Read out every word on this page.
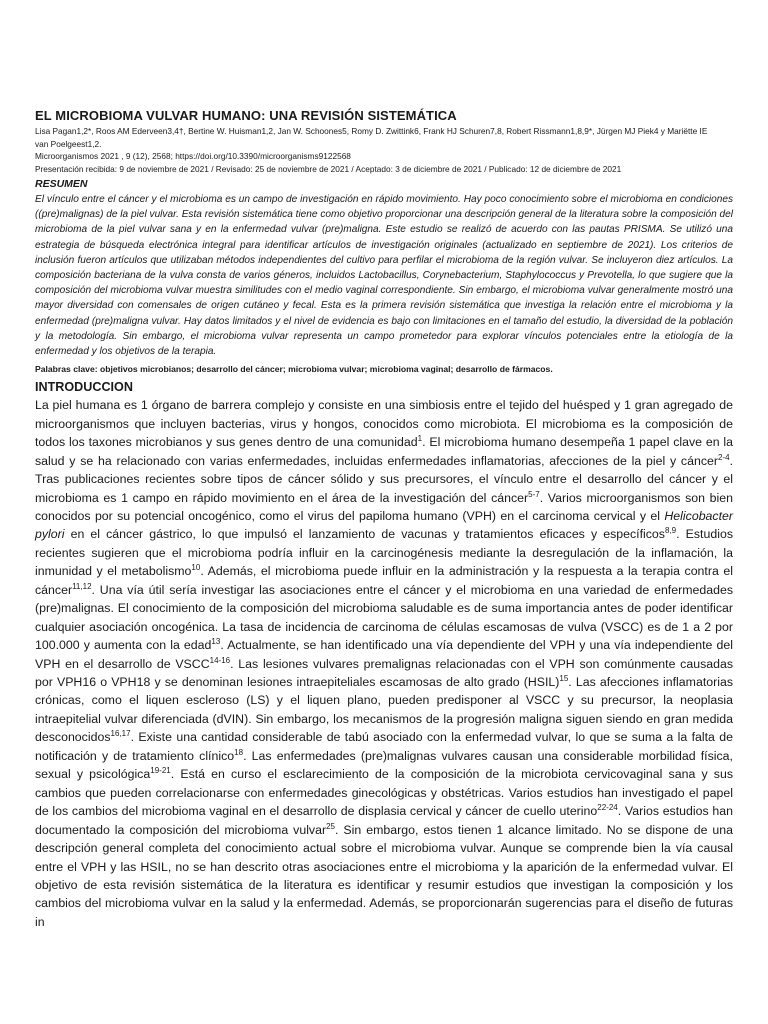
EL MICROBIOMA VULVAR HUMANO: UNA REVISIÓN SISTEMÁTICA
Lisa Pagan1,2*, Roos AM Ederveen3,4†, Bertine W. Huisman1,2, Jan W. Schoones5, Romy D. Zwittink6, Frank HJ Schuren7,8, Robert Rissmann1,8,9*, Jürgen MJ Piek4 y Mariëtte IE
van Poelgeest1,2.
Microorganismos 2021 , 9 (12), 2568; https://doi.org/10.3390/microorganisms9122568
Presentación recibida: 9 de noviembre de 2021 / Revisado: 25 de noviembre de 2021 / Aceptado: 3 de diciembre de 2021 / Publicado: 12 de diciembre de 2021
RESUMEN

El vínculo entre el cáncer y el microbioma es un campo de investigación en rápido movimiento. Hay poco conocimiento sobre el microbioma en condiciones ((pre)malignas) de la piel vulvar. Esta revisión sistemática tiene como objetivo proporcionar una descripción general de la literatura sobre la composición del microbioma de la piel vulvar sana y en la enfermedad vulvar (pre)maligna. Este estudio se realizó de acuerdo con las pautas PRISMA. Se utilizó una estrategia de búsqueda electrónica integral para identificar artículos de investigación originales (actualizado en septiembre de 2021). Los criterios de inclusión fueron artículos que utilizaban métodos independientes del cultivo para perfilar el microbioma de la región vulvar. Se incluyeron diez artículos. La composición bacteriana de la vulva consta de varios géneros, incluidos Lactobacillus, Corynebacterium, Staphylococcus y Prevotella, lo que sugiere que la composición del microbioma vulvar muestra similitudes con el medio vaginal correspondiente. Sin embargo, el microbioma vulvar generalmente mostró una mayor diversidad con comensales de origen cutáneo y fecal. Esta es la primera revisión sistemática que investiga la relación entre el microbioma y la enfermedad (pre)maligna vulvar. Hay datos limitados y el nivel de evidencia es bajo con limitaciones en el tamaño del estudio, la diversidad de la población y la metodología. Sin embargo, el microbioma vulvar representa un campo prometedor para explorar vínculos potenciales entre la etiología de la enfermedad y los objetivos de la terapia.

Palabras clave: objetivos microbianos; desarrollo del cáncer; microbioma vulvar; microbioma vaginal; desarrollo de fármacos.
INTRODUCCION

La piel humana es 1 órgano de barrera complejo y consiste en una simbiosis entre el tejido del huésped y 1 gran agregado de microorganismos que incluyen bacterias, virus y hongos, conocidos como microbiota. El microbioma es la composición de todos los taxones microbianos y sus genes dentro de una comunidad$^1$. El microbioma humano desempeña 1 papel clave en la salud y se ha relacionado con varias enfermedades, incluidas enfermedades inflamatorias, afecciones de la piel y cáncer$^{2-4}$. Tras publicaciones recientes sobre tipos de cáncer sólido y sus precursores, el vínculo entre el desarrollo del cáncer y el microbioma es 1 campo en rápido movimiento en el área de la investigación del cáncer$^{5-7}$. Varios microorganismos son bien conocidos por su potencial oncogénico, como el virus del papiloma humano (VPH) en el carcinoma cervical y el Helicobacter pylori en el cáncer gástrico, lo que impulsó el lanzamiento de vacunas y tratamientos eficaces y específicos$^{8,9}$. Estudios recientes sugieren que el microbioma podría influir en la carcinogénesis mediante la desregulación de la inflamación, la inmunidad y el metabolismo$^{10}$. Además, el microbioma puede influir en la administración y la respuesta a la terapia contra el cáncer$^{11,12}$. Una vía útil sería investigar las asociaciones entre el cáncer y el microbioma en una variedad de enfermedades (pre)malignas. El conocimiento de la composición del microbioma saludable es de suma importancia antes de poder identificar cualquier asociación oncogénica. La tasa de incidencia de carcinoma de células escamosas de vulva (VSCC) es de 1 a 2 por 100.000 y aumenta con la edad$^{13}$. Actualmente, se han identificado una vía dependiente del VPH y una vía independiente del VPH en el desarrollo de VSCC$^{14-16}$. Las lesiones vulvares premalignas relacionadas con el VPH son comúnmente causadas por VPH16 o VPH18 y se denominan lesiones intraepiteliales escamosas de alto grado (HSIL)$^{15}$. Las afecciones inflamatorias crónicas, como el liquen escleroso (LS) y el liquen plano, pueden predisponer al VSCC y su precursor, la neoplasia intraepitelial vulvar diferenciada (dVIN). Sin embargo, los mecanismos de la progresión maligna siguen siendo en gran medida desconocidos$^{16,17}$. Existe una cantidad considerable de tabú asociado con la enfermedad vulvar, lo que se suma a la falta de notificación y de tratamiento clínico$^{18}$. Las enfermedades (pre)malignas vulvares causan una considerable morbilidad física, sexual y psicológica$^{19-21}$. Está en curso el esclarecimiento de la composición de la microbiota cervicovaginal sana y sus cambios que pueden correlacionarse con enfermedades ginecológicas y obstétricas. Varios estudios han investigado el papel de los cambios del microbioma vaginal en el desarrollo de displasia cervical y cáncer de cuello uterino$^{22-24}$. Varios estudios han documentado la composición del microbioma vulvar$^{25}$. Sin embargo, estos tienen 1 alcance limitado. No se dispone de una descripción general completa del conocimiento actual sobre el microbioma vulvar. Aunque se comprende bien la vía causal entre el VPH y las HSIL, no se han descrito otras asociaciones entre el microbioma y la aparición de la enfermedad vulvar. El objetivo de esta revisión sistemática de la literatura es identificar y resumir estudios que investigan la composición y los cambios del microbioma vulvar en la salud y la enfermedad. Además, se proporcionarán sugerencias para el diseño de futuras in
